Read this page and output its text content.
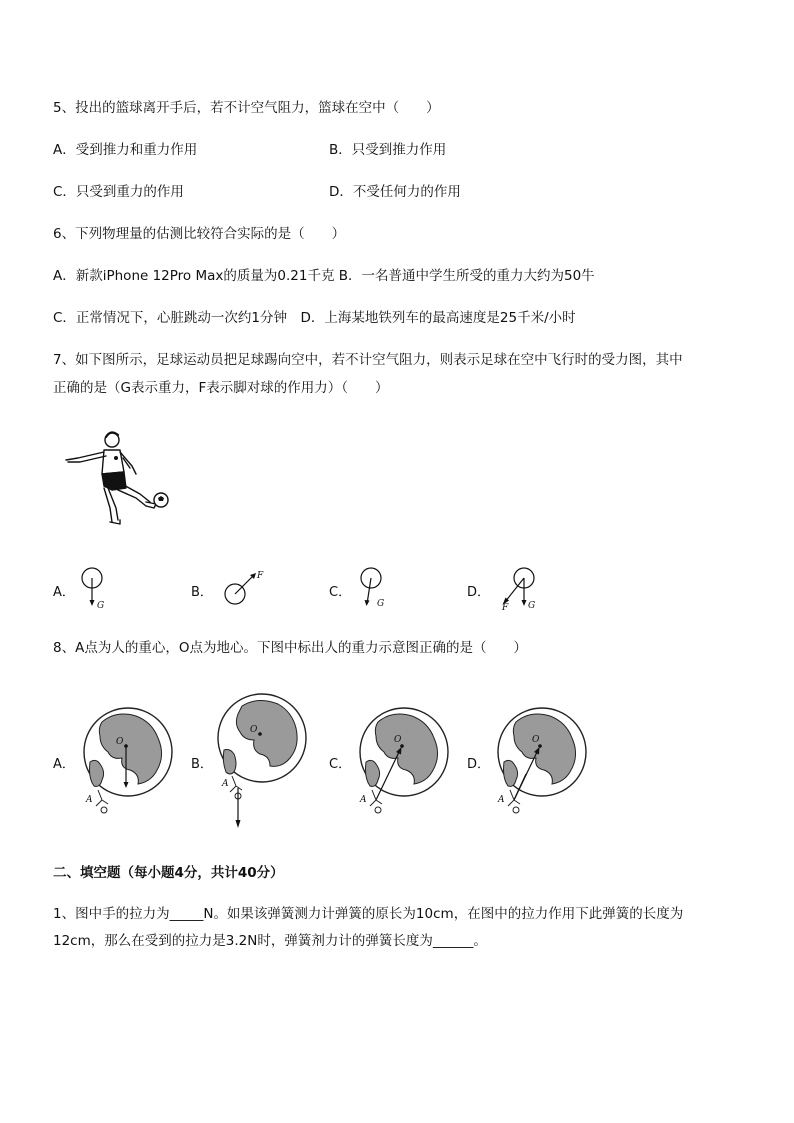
5、投出的篮球离开手后，若不计空气阻力，篮球在空中（　　）
A．受到推力和重力作用	B．只受到推力作用
C．只受到重力的作用	D．不受任何力的作用
6、下列物理量的估测比较符合实际的是（　　）
A．新款iPhone 12Pro Max的质量为0.21千克 B．一名普通中学生所受的重力大约为50牛
C．正常情况下，心脏跳动一次约1分钟　D．上海某地铁列车的最高速度是25千米/小时
7、如下图所示，足球运动员把足球踢向空中，若不计空气阻力，则表示足球在空中飞行时的受力图，其中
正确的是（G表示重力，F表示脚对球的作用力）（　　）
A．
G
B．
F
C．
G
D．
G
F
8、A点为人的重心，O点为地心。下图中标出人的重力示意图正确的是（　　）
A．
O
A
B．
O
A
C．
O
A
D．
O
A
二、填空题（每小题4分，共计40分）
1、图中手的拉力为_____N。如果该弹簧测力计弹簧的原长为10cm，在图中的拉力作用下此弹簧的长度为
12cm，那么在受到的拉力是3.2N时，弹簧剂力计的弹簧长度为______。
